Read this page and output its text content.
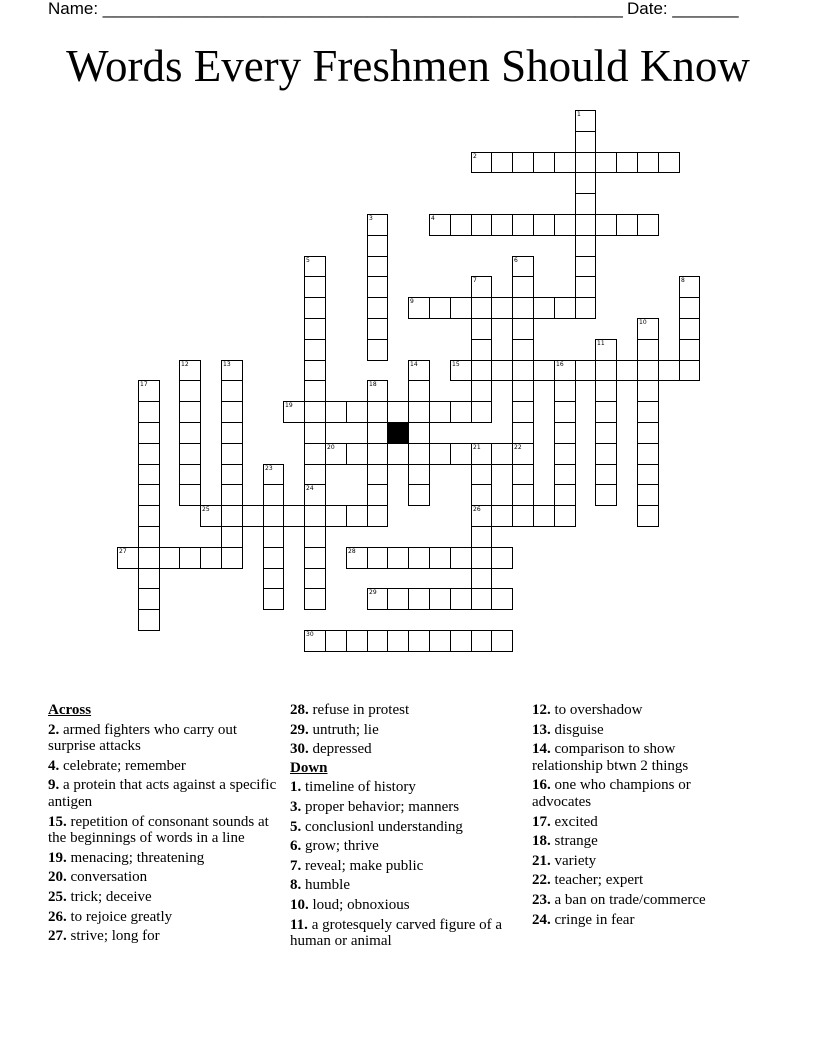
Name: _______________________________________________________ Date: _______
Words Every Freshmen Should Know
1
2
3	4
5	6
7	8
9
10
11
12	13	14	15	16
17	18
19
20	21	22
23
24
25	26
27	28
29
30
Across
2. armed fighters who carry out surprise attacks
4. celebrate; remember
9. a protein that acts against a specific antigen
15. repetition of consonant sounds at the beginnings of words in a line
19. menacing; threatening
20. conversation
25. trick; deceive
26. to rejoice greatly
27. strive; long for
28. refuse in protest
29. untruth; lie
30. depressed
Down
1. timeline of history
3. proper behavior; manners
5. conclusionl understanding
6. grow; thrive
7. reveal; make public
8. humble
10. loud; obnoxious
11. a grotesquely carved figure of a human or animal
12. to overshadow
13. disguise
14. comparison to show relationship btwn 2 things
16. one who champions or advocates
17. excited
18. strange
21. variety
22. teacher; expert
23. a ban on trade/commerce
24. cringe in fear
